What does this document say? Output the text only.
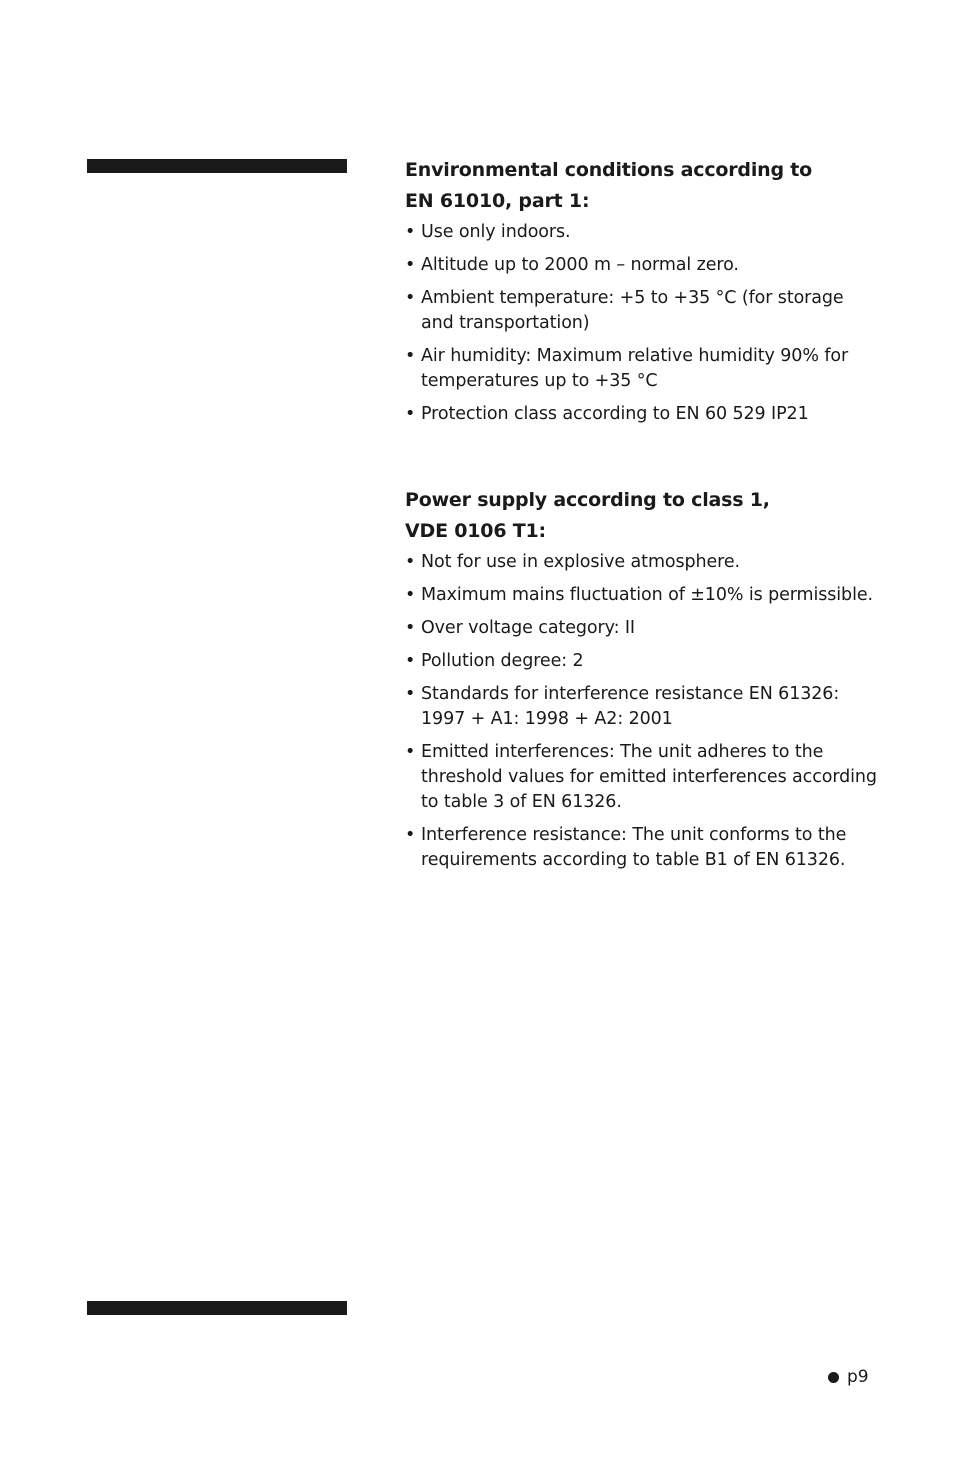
Environmental conditions according to
EN 61010, part 1:
• Use only indoors.
• Altitude up to 2000 m – normal zero.
• Ambient temperature: +5 to +35 °C (for storage
and transportation)
• Air humidity: Maximum relative humidity 90% for
temperatures up to +35 °C
• Protection class according to EN 60 529 IP21
Power supply according to class 1,
VDE 0106 T1:
• Not for use in explosive atmosphere.
• Maximum mains fluctuation of ±10% is permissible.
• Over voltage category: II
• Pollution degree: 2
• Standards for interference resistance EN 61326:
1997 + A1: 1998 + A2: 2001
• Emitted interferences: The unit adheres to the
threshold values for emitted interferences according
to table 3 of EN 61326.
• Interference resistance: The unit conforms to the
requirements according to table B1 of EN 61326.
p9
